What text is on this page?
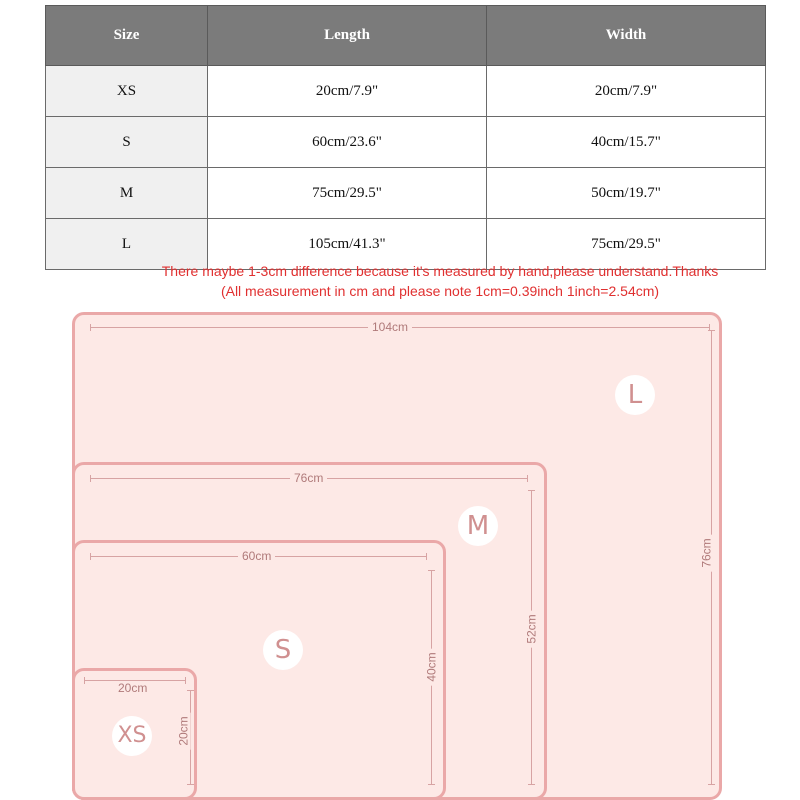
Size	Length	Width
XS	20cm/7.9"	20cm/7.9"
S	60cm/23.6"	40cm/15.7"
M	75cm/29.5"	50cm/19.7"
L	105cm/41.3"	75cm/29.5"
There maybe 1-3cm difference because it's measured by hand,please understand.Thanks
(All measurement in cm and please note 1cm=0.39inch 1inch=2.54cm)
104cm
76cm
L
76cm
52cm
M
60cm
40cm
S
20cm
20cm
XS
